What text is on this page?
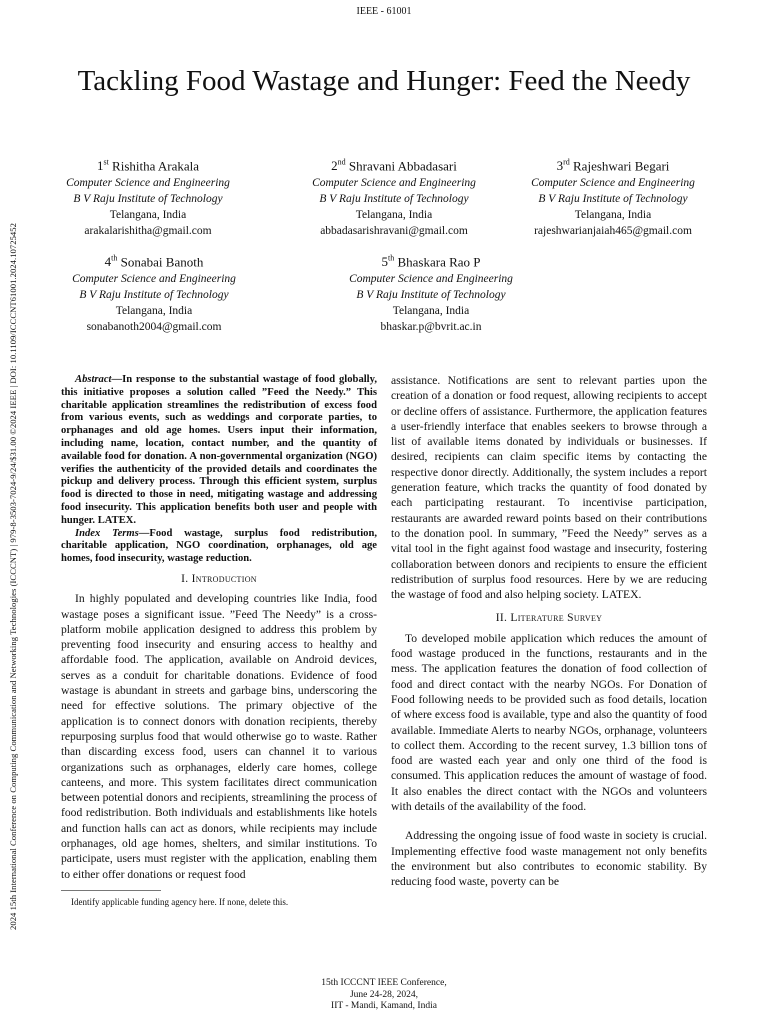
IEEE - 61001
2024 15th International Conference on Computing Communication and Networking Technologies (ICCCNT) | 979-8-3503-7024-9/24/$31.00 ©2024 IEEE | DOI: 10.1109/ICCCNT61001.2024.10725452
Tackling Food Wastage and Hunger: Feed the Needy
1st Rishitha Arakala
Computer Science and Engineering
B V Raju Institute of Technology
Telangana, India
arakalarishitha@gmail.com
2nd Shravani Abbadasari
Computer Science and Engineering
B V Raju Institute of Technology
Telangana, India
abbadasarishravani@gmail.com
3rd Rajeshwari Begari
Computer Science and Engineering
B V Raju Institute of Technology
Telangana, India
rajeshwarianjaiah465@gmail.com
4th Sonabai Banoth
Computer Science and Engineering
B V Raju Institute of Technology
Telangana, India
sonabanoth2004@gmail.com
5th Bhaskara Rao P
Computer Science and Engineering
B V Raju Institute of Technology
Telangana, India
bhaskar.p@bvrit.ac.in

Abstract—In response to the substantial wastage of food globally, this initiative proposes a solution called ”Feed the Needy.” This charitable application streamlines the redistribution of excess food from various events, such as weddings and corporate parties, to orphanages and old age homes. Users input their information, including name, location, contact number, and the quantity of available food for donation. A non-governmental organization (NGO) verifies the authenticity of the provided details and coordinates the pickup and delivery process. Through this efficient system, surplus food is directed to those in need, mitigating wastage and addressing food insecurity. This application benefits both user and people with hunger. LATEX.

Index Terms—Food wastage, surplus food redistribution, charitable application, NGO coordination, orphanages, old age homes, food insecurity, wastage reduction.

I. Introduction

In highly populated and developing countries like India, food wastage poses a significant issue. ”Feed The Needy” is a cross-platform mobile application designed to address this problem by preventing food insecurity and ensuring access to healthy and affordable food. The application, available on Android devices, serves as a conduit for charitable donations. Evidence of food wastage is abundant in streets and garbage bins, underscoring the need for effective solutions. The primary objective of the application is to connect donors with donation recipients, thereby repurposing surplus food that would otherwise go to waste. Rather than discarding excess food, users can channel it to various organizations such as orphanages, elderly care homes, college canteens, and more. This system facilitates direct communication between potential donors and recipients, streamlining the process of food redistribution. Both individuals and establishments like hotels and function halls can act as donors, while recipients may include orphanages, old age homes, shelters, and similar institutions. To participate, users must register with the application, enabling them to either offer donations or request food

Identify applicable funding agency here. If none, delete this.

assistance. Notifications are sent to relevant parties upon the creation of a donation or food request, allowing recipients to accept or decline offers of assistance. Furthermore, the application features a user-friendly interface that enables seekers to browse through a list of available items donated by individuals or businesses. If desired, recipients can claim specific items by contacting the respective donor directly. Additionally, the system includes a report generation feature, which tracks the quantity of food donated by each participating restaurant. To incentivise participation, restaurants are awarded reward points based on their contributions to the donation pool. In summary, ”Feed the Needy” serves as a vital tool in the fight against food wastage and insecurity, fostering collaboration between donors and recipients to ensure the efficient redistribution of surplus food resources. Here by we are reducing the wastage of food and also helping society. LATEX.

II. Literature Survey

To developed mobile application which reduces the amount of food wastage produced in the functions, restaurants and in the mess. The application features the donation of food collection of food and direct contact with the nearby NGOs. For Donation of Food following needs to be provided such as food details, location of where excess food is available, type and also the quantity of food available. Immediate Alerts to nearby NGOs, orphanage, volunteers to collect them. According to the recent survey, 1.3 billion tons of food are wasted each year and only one third of the food is consumed. This application reduces the amount of wastage of food. It also enables the direct contact with the NGOs and volunteers with details of the availability of the food.

Addressing the ongoing issue of food waste in society is crucial. Implementing effective food waste management not only benefits the environment but also contributes to economic stability. By reducing food waste, poverty can be

15th ICCCNT IEEE Conference,
June 24-28, 2024,
IIT - Mandi, Kamand, India
